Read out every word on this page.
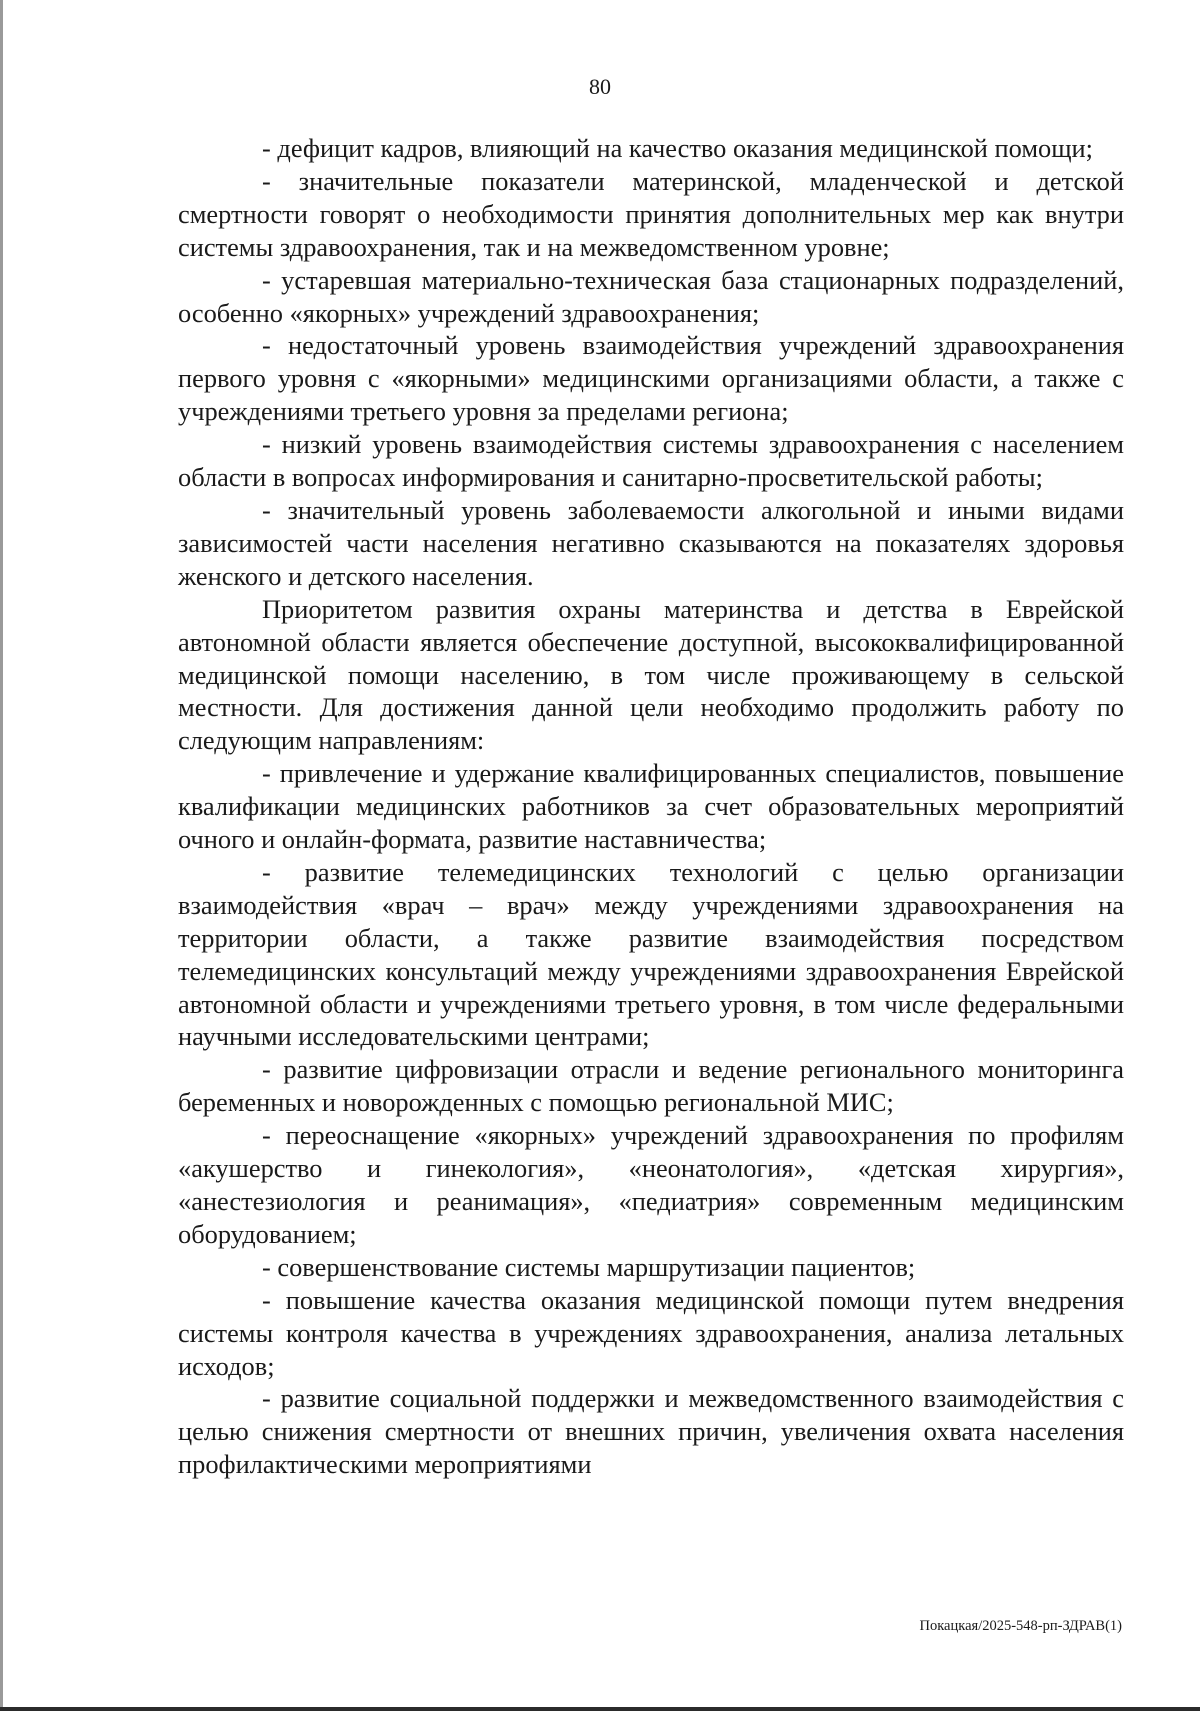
80

- дефицит кадров, влияющий на качество оказания медицинской помощи;

- значительные показатели материнской, младенческой и детской смертности говорят о необходимости принятия дополнительных мер как внутри системы здравоохранения, так и на межведомственном уровне;

- устаревшая материально-техническая база стационарных подразделений, особенно «якорных» учреждений здравоохранения;

- недостаточный уровень взаимодействия учреждений здравоохранения первого уровня с «якорными» медицинскими организациями области, а также с учреждениями третьего уровня за пределами региона;

- низкий уровень взаимодействия системы здравоохранения с населением области в вопросах информирования и санитарно-просветительской работы;

- значительный уровень заболеваемости алкогольной и иными видами зависимостей части населения негативно сказываются на показателях здоровья женского и детского населения.

Приоритетом развития охраны материнства и детства в Еврейской автономной области является обеспечение доступной, высококвалифицированной медицинской помощи населению, в том числе проживающему в сельской местности. Для достижения данной цели необходимо продолжить работу по следующим направлениям:

- привлечение и удержание квалифицированных специалистов, повышение квалификации медицинских работников за счет образовательных мероприятий очного и онлайн-формата, развитие наставничества;

- развитие телемедицинских технологий с целью организации взаимодействия «врач – врач» между учреждениями здравоохранения на территории области, а также развитие взаимодействия посредством телемедицинских консультаций между учреждениями здравоохранения Еврейской автономной области и учреждениями третьего уровня, в том числе федеральными научными исследовательскими центрами;

- развитие цифровизации отрасли и ведение регионального мониторинга беременных и новорожденных с помощью региональной МИС;

- переоснащение «якорных» учреждений здравоохранения по профилям «акушерство и гинекология», «неонатология», «детская хирургия», «анестезиология и реанимация», «педиатрия» современным медицинским оборудованием;

- совершенствование системы маршрутизации пациентов;

- повышение качества оказания медицинской помощи путем внедрения системы контроля качества в учреждениях здравоохранения, анализа летальных исходов;

- развитие социальной поддержки и межведомственного взаимодействия с целью снижения смертности от внешних причин, увеличения охвата населения профилактическими мероприятиями

Покацкая/2025-548-рп-ЗДРАВ(1)
